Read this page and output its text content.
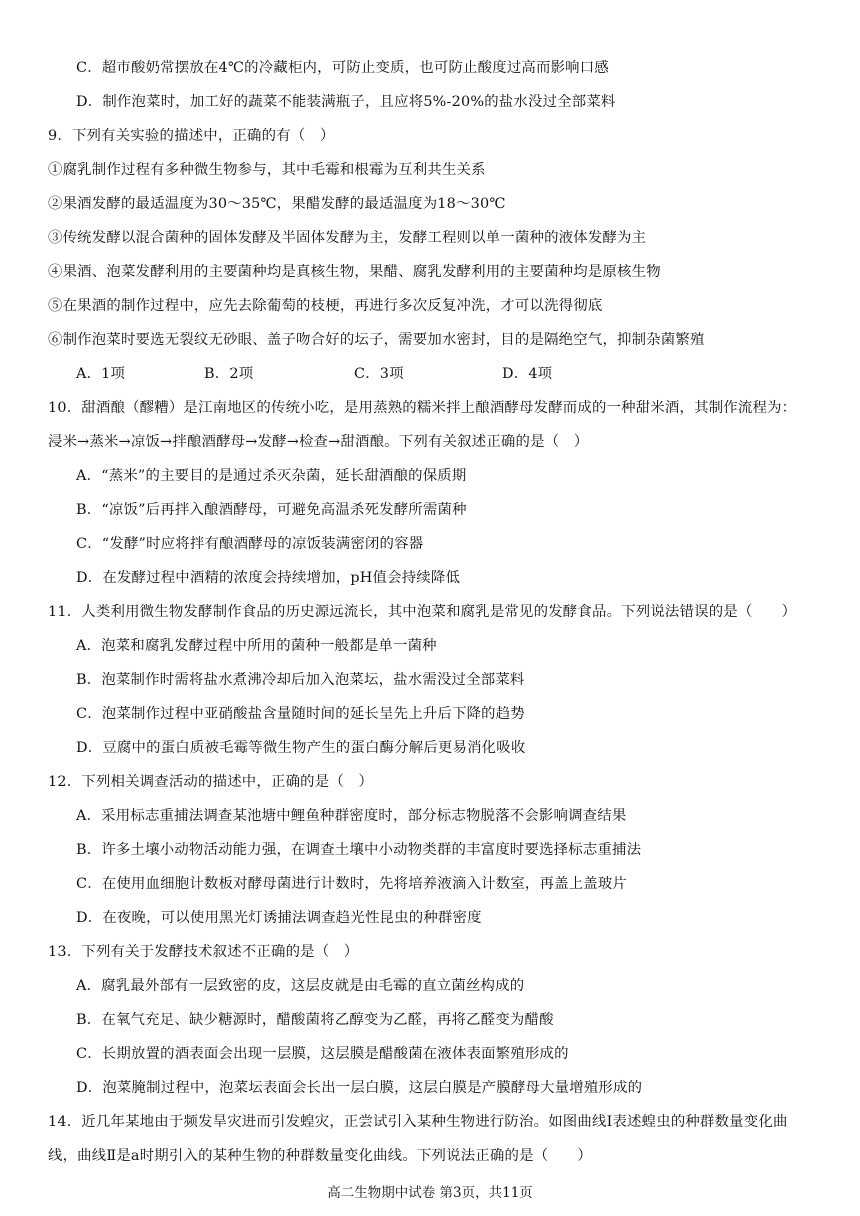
C．超市酸奶常摆放在4℃的冷藏柜内，可防止变质，也可防止酸度过高而影响口感
D．制作泡菜时，加工好的蔬菜不能装满瓶子，且应将5%-20%的盐水没过全部菜料
9．下列有关实验的描述中，正确的有（　）
①腐乳制作过程有多种微生物参与，其中毛霉和根霉为互利共生关系
②果酒发酵的最适温度为30～35℃，果醋发酵的最适温度为18～30℃
③传统发酵以混合菌种的固体发酵及半固体发酵为主，发酵工程则以单一菌种的液体发酵为主
④果酒、泡菜发酵利用的主要菌种均是真核生物，果醋、腐乳发酵利用的主要菌种均是原核生物
⑤在果酒的制作过程中，应先去除葡萄的枝梗，再进行多次反复冲洗，才可以洗得彻底
⑥制作泡菜时要选无裂纹无砂眼、盖子吻合好的坛子，需要加水密封，目的是隔绝空气，抑制杂菌繁殖
A．1项	B．2项	C．3项	D．4项
10．甜酒酿（醪糟）是江南地区的传统小吃，是用蒸熟的糯米拌上酿酒酵母发酵而成的一种甜米酒，其制作流程为：
浸米→蒸米→凉饭→拌酿酒酵母→发酵→检查→甜酒酿。下列有关叙述正确的是（　）
A．“蒸米”的主要目的是通过杀灭杂菌，延长甜酒酿的保质期
B．“凉饭”后再拌入酿酒酵母，可避免高温杀死发酵所需菌种
C．“发酵”时应将拌有酿酒酵母的凉饭装满密闭的容器
D．在发酵过程中酒精的浓度会持续增加，pH值会持续降低
11．人类利用微生物发酵制作食品的历史源远流长，其中泡菜和腐乳是常见的发酵食品。下列说法错误的是（　　）
A．泡菜和腐乳发酵过程中所用的菌种一般都是单一菌种
B．泡菜制作时需将盐水煮沸冷却后加入泡菜坛，盐水需没过全部菜料
C．泡菜制作过程中亚硝酸盐含量随时间的延长呈先上升后下降的趋势
D．豆腐中的蛋白质被毛霉等微生物产生的蛋白酶分解后更易消化吸收
12．下列相关调查活动的描述中，正确的是（　）
A．采用标志重捕法调查某池塘中鲤鱼种群密度时，部分标志物脱落不会影响调查结果
B．许多土壤小动物活动能力强，在调查土壤中小动物类群的丰富度时要选择标志重捕法
C．在使用血细胞计数板对酵母菌进行计数时，先将培养液滴入计数室，再盖上盖玻片
D．在夜晚，可以使用黑光灯诱捕法调查趋光性昆虫的种群密度
13．下列有关于发酵技术叙述不正确的是（　）
A．腐乳最外部有一层致密的皮，这层皮就是由毛霉的直立菌丝构成的
B．在氧气充足、缺少糖源时，醋酸菌将乙醇变为乙醛，再将乙醛变为醋酸
C．长期放置的酒表面会出现一层膜，这层膜是醋酸菌在液体表面繁殖形成的
D．泡菜腌制过程中，泡菜坛表面会长出一层白膜，这层白膜是产膜酵母大量增殖形成的
14．近几年某地由于频发旱灾进而引发蝗灾，正尝试引入某种生物进行防治。如图曲线Ⅰ表述蝗虫的种群数量变化曲
线，曲线Ⅱ是a时期引入的某种生物的种群数量变化曲线。下列说法正确的是（　　）
高二生物期中试卷 第3页，共11页
